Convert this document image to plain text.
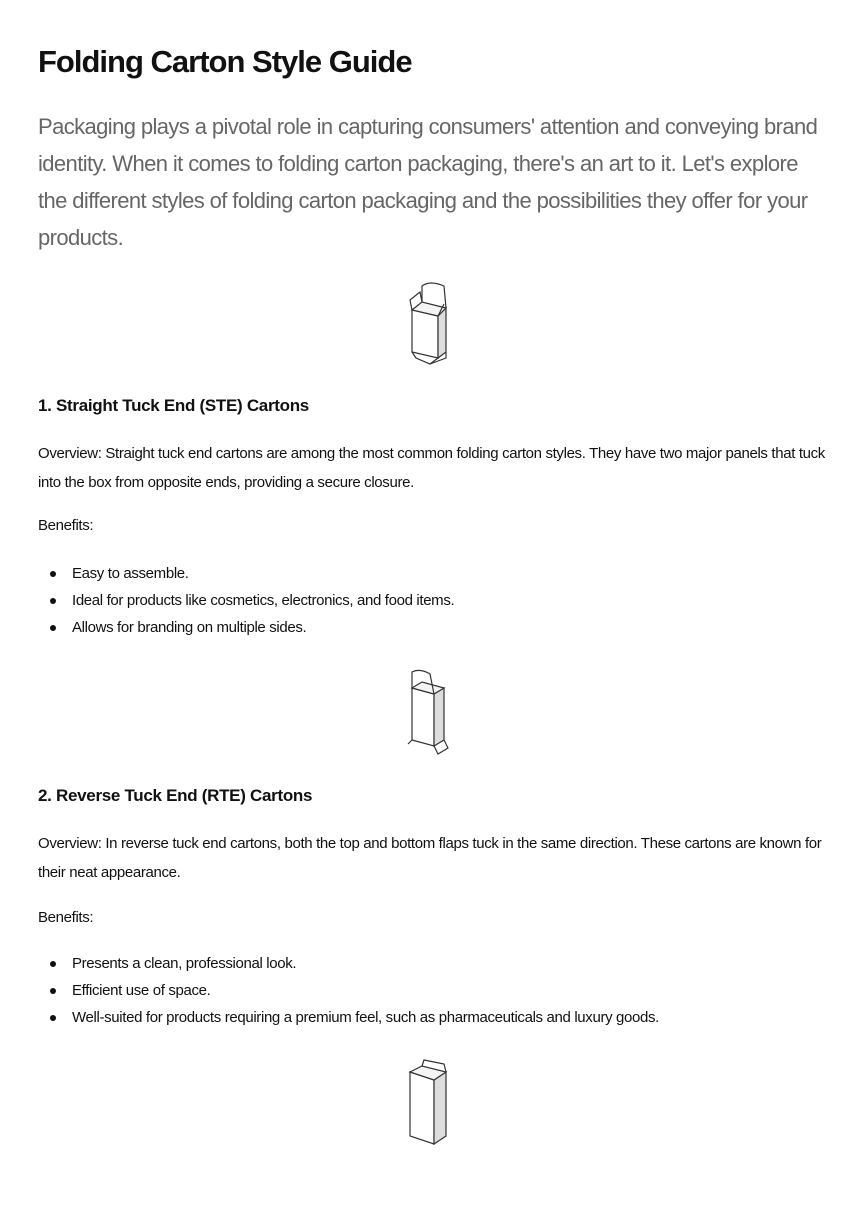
Folding Carton Style Guide

Packaging plays a pivotal role in capturing consumers' attention and conveying brand identity. When it comes to folding carton packaging, there's an art to it. Let's explore the different styles of folding carton packaging and the possibilities they offer for your products.

1. Straight Tuck End (STE) Cartons

Overview: Straight tuck end cartons are among the most common folding carton styles. They have two major panels that tuck into the box from opposite ends, providing a secure closure.

Benefits:

Easy to assemble.
Ideal for products like cosmetics, electronics, and food items.
Allows for branding on multiple sides.
2. Reverse Tuck End (RTE) Cartons

Overview: In reverse tuck end cartons, both the top and bottom flaps tuck in the same direction. These cartons are known for their neat appearance.

Benefits:

Presents a clean, professional look.
Efficient use of space.
Well-suited for products requiring a premium feel, such as pharmaceuticals and luxury goods.
